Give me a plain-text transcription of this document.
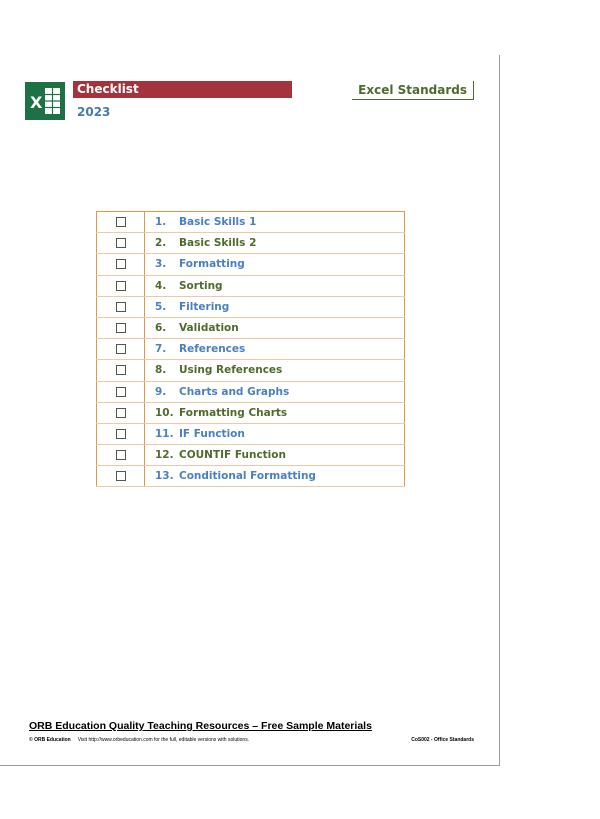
X
Checklist
2023
Excel Standards
	1. Basic Skills 1
	2. Basic Skills 2
	3. Formatting
	4. Sorting
	5. Filtering
	6. Validation
	7. References
	8. Using References
	9. Charts and Graphs
	10. Formatting Charts
	11. IF Function
	12. COUNTIF Function
	13. Conditional Formatting
ORB Education Quality Teaching Resources – Free Sample Materials
© ORB Education Visit http://www.orbeducation.com for the full, editable versions with solutions.	CoS002 - Office Standards
